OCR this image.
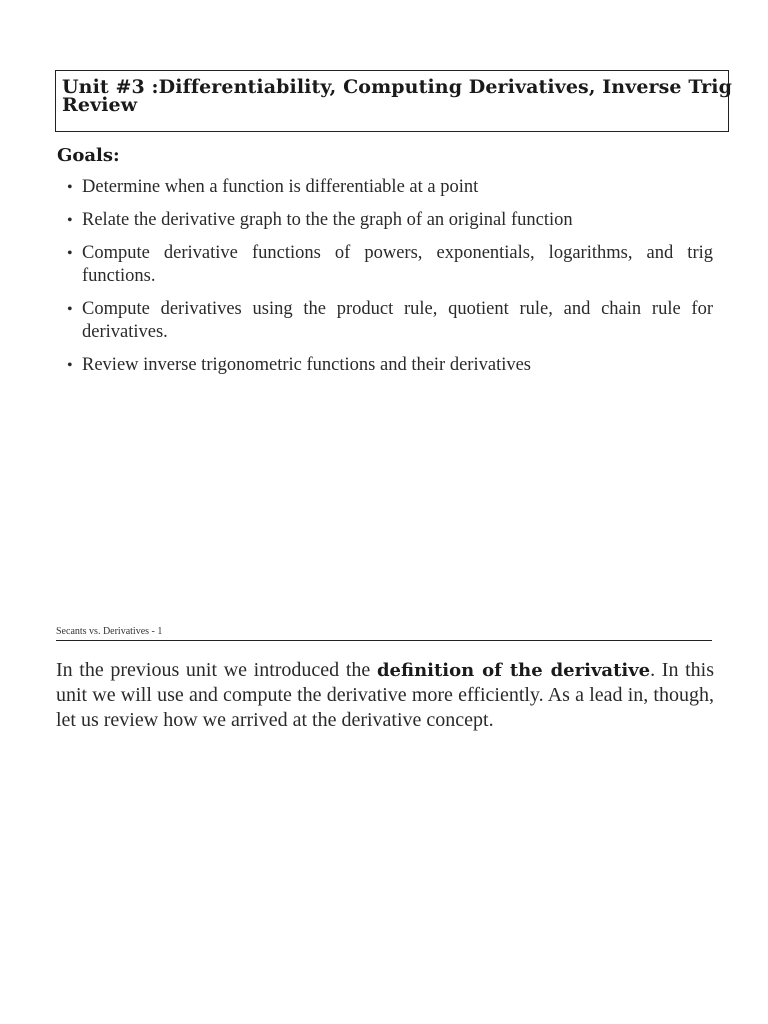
Unit #3 : Differentiability, Computing Derivatives, Inverse Trig
Review
Goals:
• Determine when a function is differentiable at a point
• Relate the derivative graph to the the graph of an original function
• Compute derivative functions of powers, exponentials, logarithms, and trig functions.
• Compute derivatives using the product rule, quotient rule, and chain rule for derivatives.
• Review inverse trigonometric functions and their derivatives
Secants vs. Derivatives - 1

In the previous unit we introduced the definition of the derivative. In this unit we will use and compute the derivative more efficiently. As a lead in, though, let us review how we arrived at the derivative concept.
